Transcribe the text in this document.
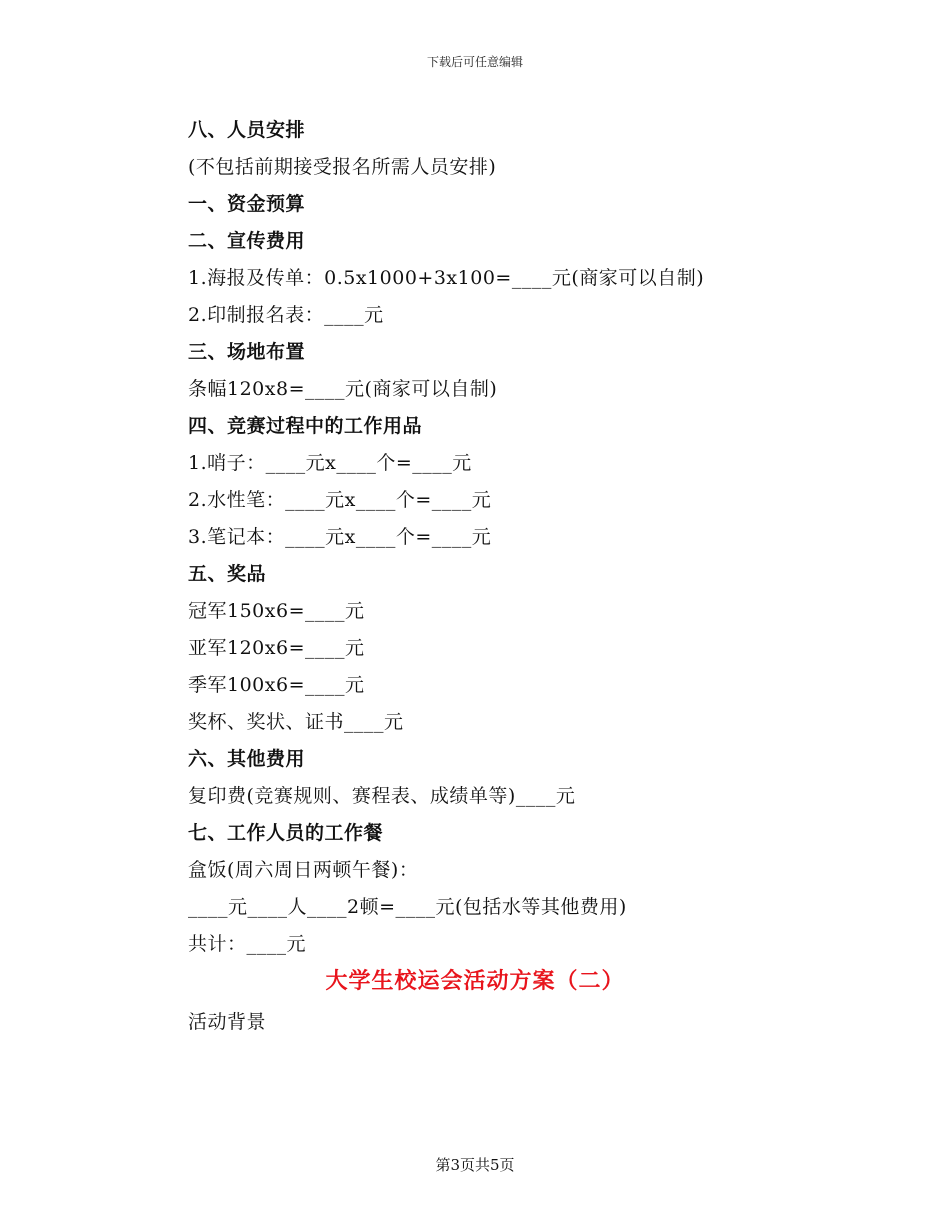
下载后可任意编辑
八、人员安排
(不包括前期接受报名所需人员安排)
一、资金预算
二、宣传费用
1.海报及传单：0.5x1000+3x100=____元(商家可以自制)
2.印制报名表：____元
三、场地布置
条幅120x8=____元(商家可以自制)
四、竞赛过程中的工作用品
1.哨子：____元x____个=____元
2.水性笔：____元x____个=____元
3.笔记本：____元x____个=____元
五、奖品
冠军150x6=____元
亚军120x6=____元
季军100x6=____元
奖杯、奖状、证书____元
六、其他费用
复印费(竞赛规则、赛程表、成绩单等)____元
七、工作人员的工作餐
盒饭(周六周日两顿午餐)：
____元____人____2顿=____元(包括水等其他费用)
共计：____元
大学生校运会活动方案（二）
活动背景
第3页共5页
